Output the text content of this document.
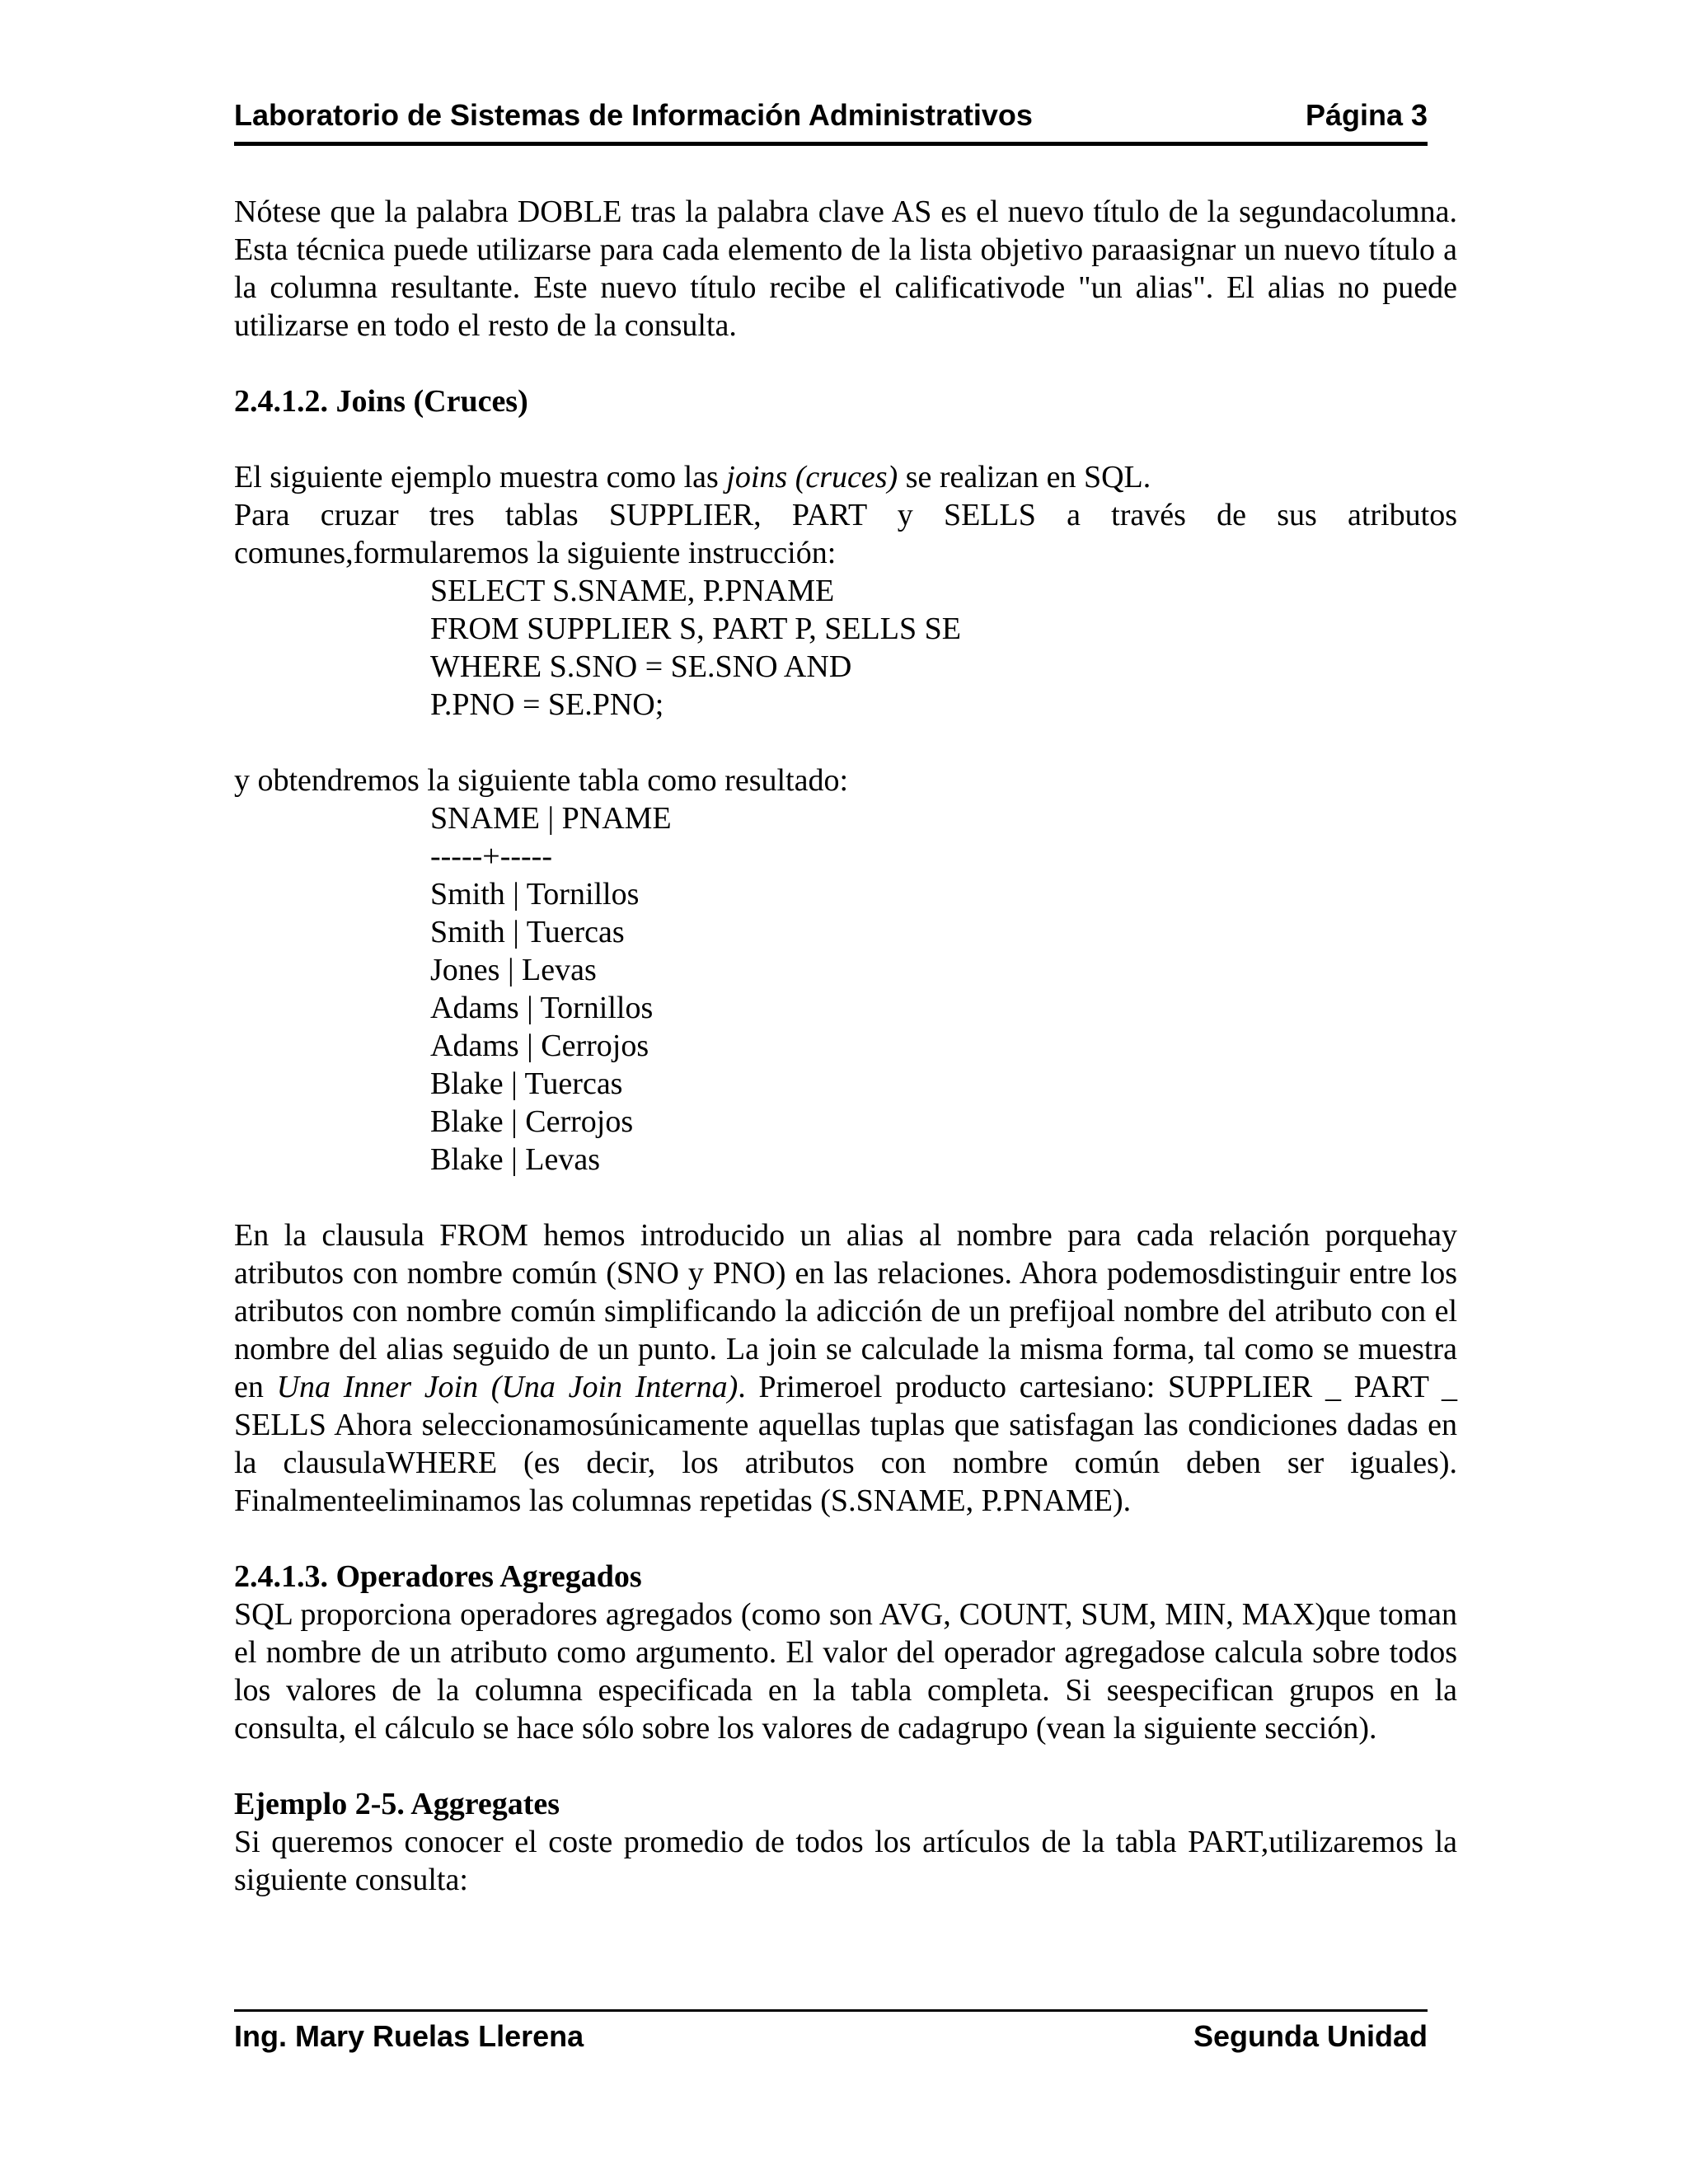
Laboratorio de Sistemas de Información Administrativos	Página 3

Nótese que la palabra DOBLE tras la palabra clave AS es el nuevo título de la segundacolumna. Esta técnica puede utilizarse para cada elemento de la lista objetivo paraasignar un nuevo título a la columna resultante. Este nuevo título recibe el calificativode "un alias". El alias no puede utilizarse en todo el resto de la consulta.

2.4.1.2. Joins (Cruces)

El siguiente ejemplo muestra como las joins (cruces) se realizan en SQL.

Para cruzar tres tablas SUPPLIER, PART y SELLS a través de sus atributos comunes,formularemos la siguiente instrucción:

SELECT S.SNAME, P.PNAME

FROM SUPPLIER S, PART P, SELLS SE

WHERE S.SNO = SE.SNO AND

P.PNO = SE.PNO;

y obtendremos la siguiente tabla como resultado:

SNAME | PNAME

-----+-----

Smith | Tornillos

Smith | Tuercas

Jones | Levas

Adams | Tornillos

Adams | Cerrojos

Blake | Tuercas

Blake | Cerrojos

Blake | Levas

En la clausula FROM hemos introducido un alias al nombre para cada relación porquehay atributos con nombre común (SNO y PNO) en las relaciones. Ahora podemosdistinguir entre los atributos con nombre común simplificando la adicción de un prefijoal nombre del atributo con el nombre del alias seguido de un punto. La join se calculade la misma forma, tal como se muestra en Una Inner Join (Una Join Interna). Primeroel producto cartesiano: SUPPLIER _ PART _ SELLS Ahora seleccionamosúnicamente aquellas tuplas que satisfagan las condiciones dadas en la clausulaWHERE (es decir, los atributos con nombre común deben ser iguales). Finalmenteeliminamos las columnas repetidas (S.SNAME, P.PNAME).

2.4.1.3. Operadores Agregados

SQL proporciona operadores agregados (como son AVG, COUNT, SUM, MIN, MAX)que toman el nombre de un atributo como argumento. El valor del operador agregadose calcula sobre todos los valores de la columna especificada en la tabla completa. Si seespecifican grupos en la consulta, el cálculo se hace sólo sobre los valores de cadagrupo (vean la siguiente sección).

Ejemplo 2-5. Aggregates

Si queremos conocer el coste promedio de todos los artículos de la tabla PART,utilizaremos la siguiente consulta:

Ing. Mary Ruelas Llerena	Segunda Unidad
